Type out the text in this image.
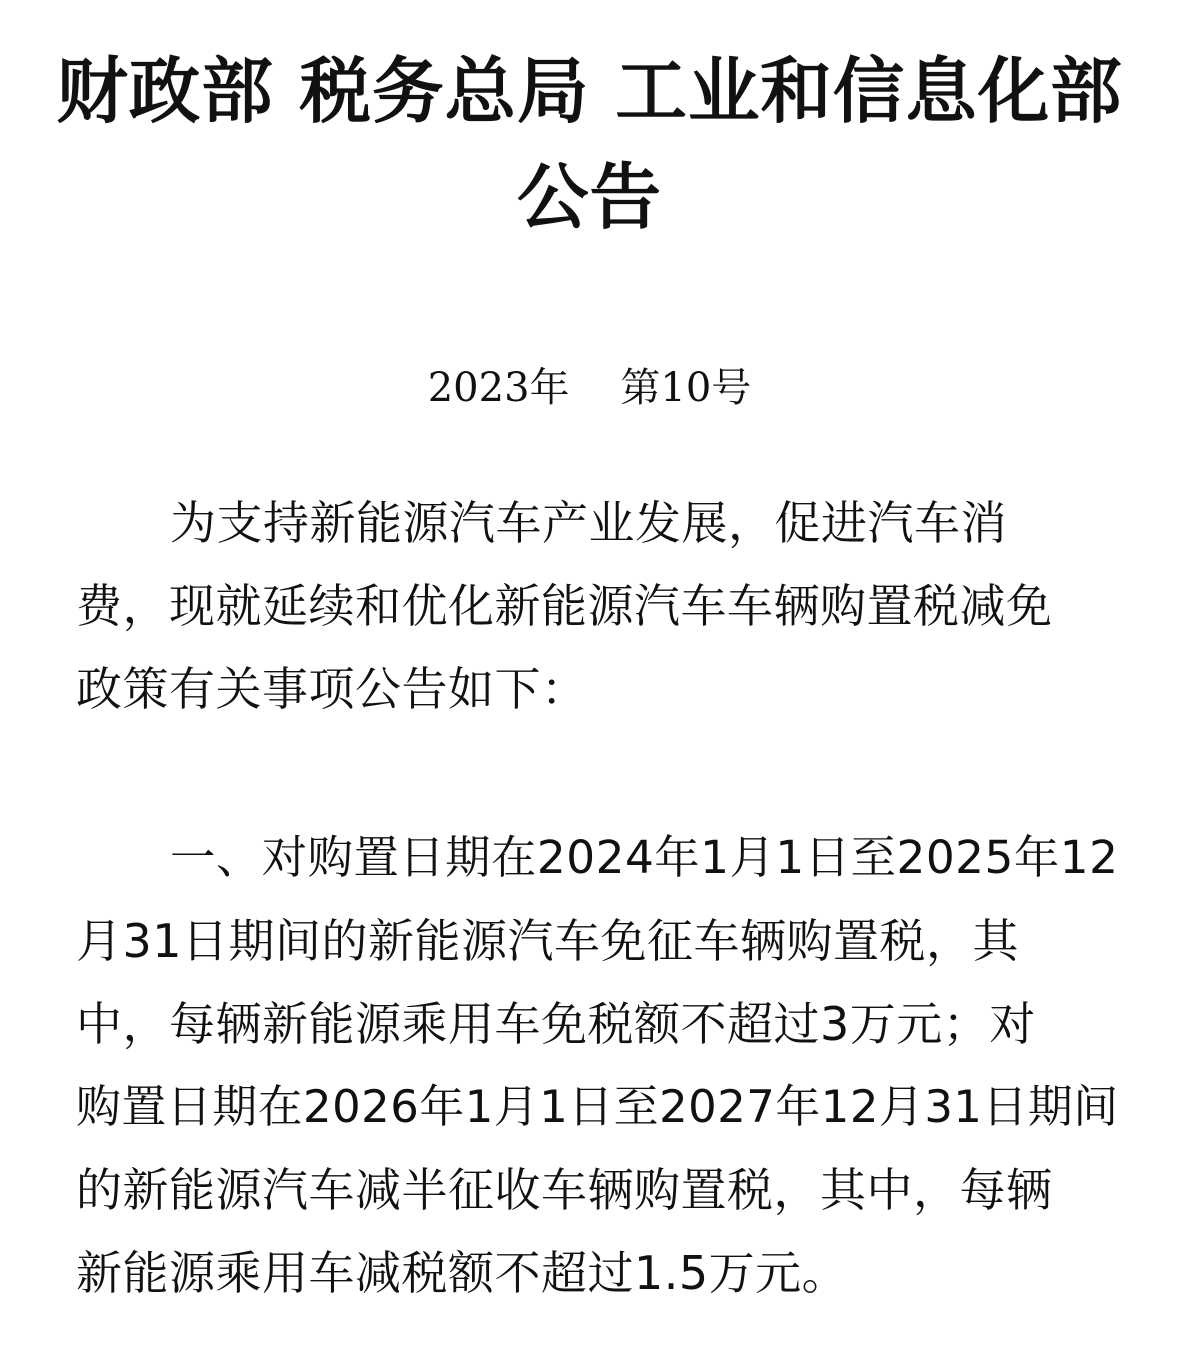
财政部 税务总局 工业和信息化部
公告
2023年    第10号
为支持新能源汽车产业发展，促进汽车消
费，现就延续和优化新能源汽车车辆购置税减免
政策有关事项公告如下：
一、对购置日期在2024年1月1日至2025年12
月31日期间的新能源汽车免征车辆购置税，其
中，每辆新能源乘用车免税额不超过3万元；对
购置日期在2026年1月1日至2027年12月31日期间
的新能源汽车减半征收车辆购置税，其中，每辆
新能源乘用车减税额不超过1.5万元。
